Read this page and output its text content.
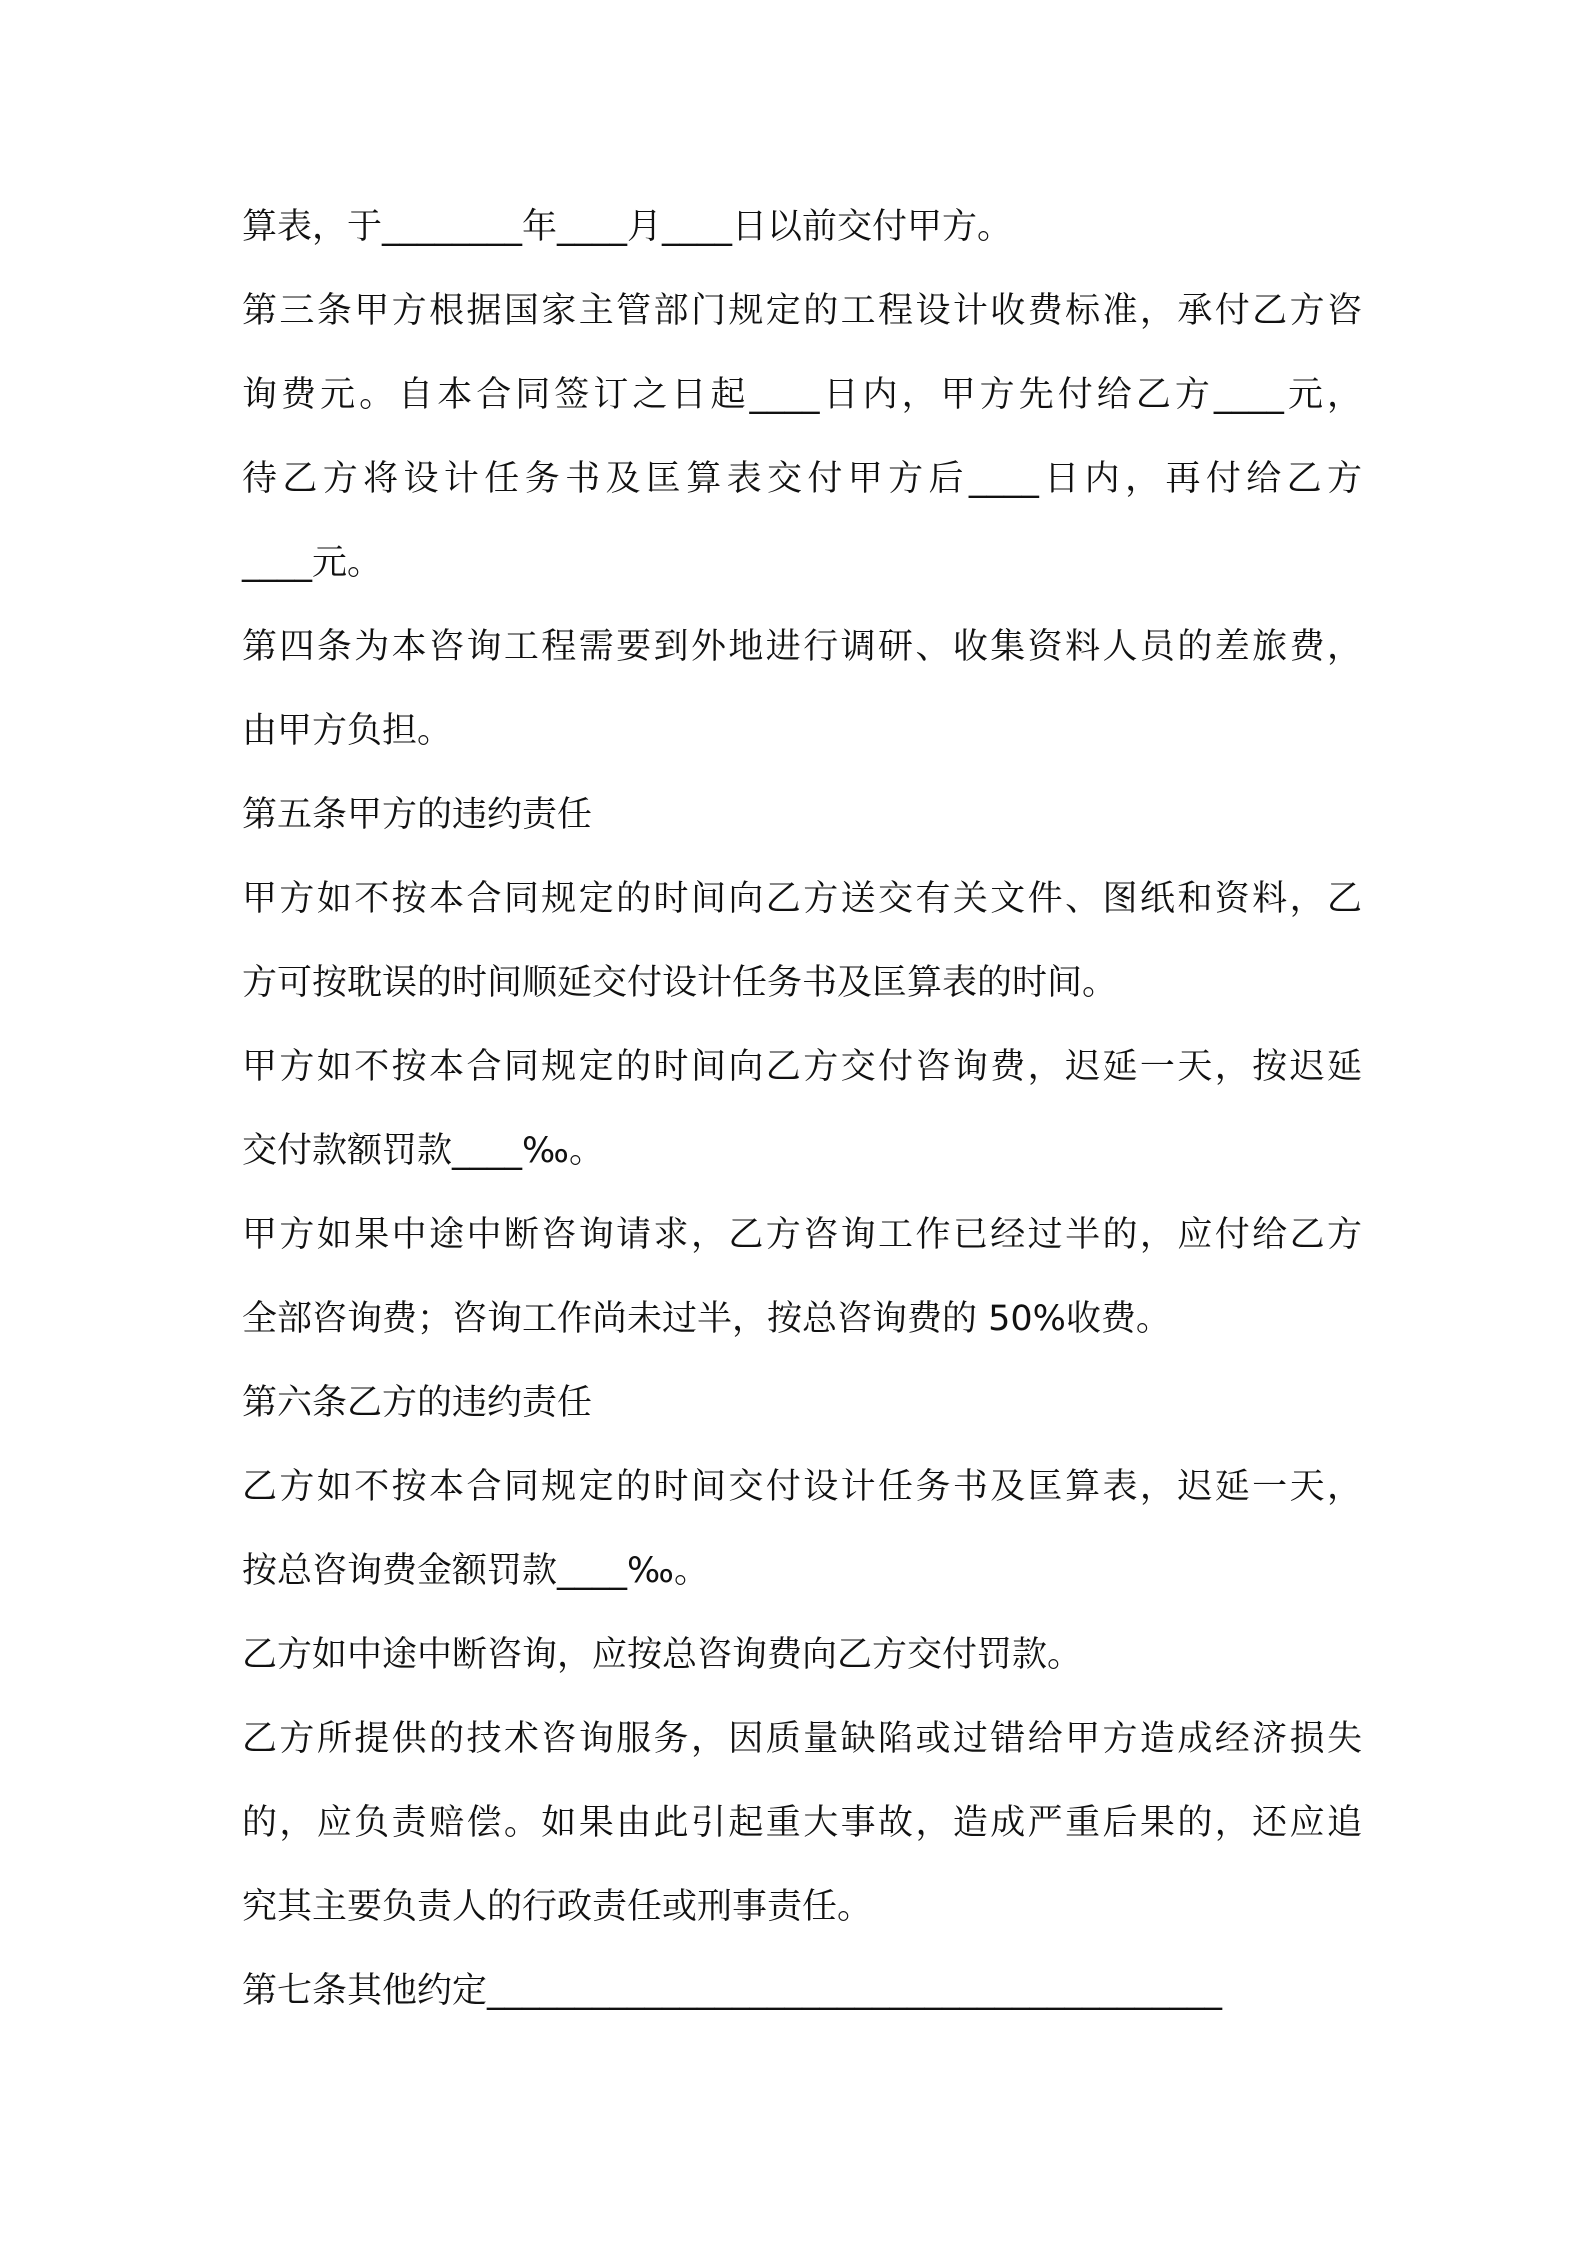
算表，于________年____月____日以前交付甲方。
第三条甲方根据国家主管部门规定的工程设计收费标准，承付乙方咨
询费元。自本合同签订之日起____日内，甲方先付给乙方____元，
待乙方将设计任务书及匡算表交付甲方后____日内，再付给乙方
____元。
第四条为本咨询工程需要到外地进行调研、收集资料人员的差旅费，
由甲方负担。
第五条甲方的违约责任
甲方如不按本合同规定的时间向乙方送交有关文件、图纸和资料，乙
方可按耽误的时间顺延交付设计任务书及匡算表的时间。
甲方如不按本合同规定的时间向乙方交付咨询费，迟延一天，按迟延
交付款额罚款____‰。
甲方如果中途中断咨询请求，乙方咨询工作已经过半的，应付给乙方
全部咨询费；咨询工作尚未过半，按总咨询费的 50%收费。
第六条乙方的违约责任
乙方如不按本合同规定的时间交付设计任务书及匡算表，迟延一天，
按总咨询费金额罚款____‰。
乙方如中途中断咨询，应按总咨询费向乙方交付罚款。
乙方所提供的技术咨询服务，因质量缺陷或过错给甲方造成经济损失
的，应负责赔偿。如果由此引起重大事故，造成严重后果的，还应追
究其主要负责人的行政责任或刑事责任。
第七条其他约定__________________________________________
